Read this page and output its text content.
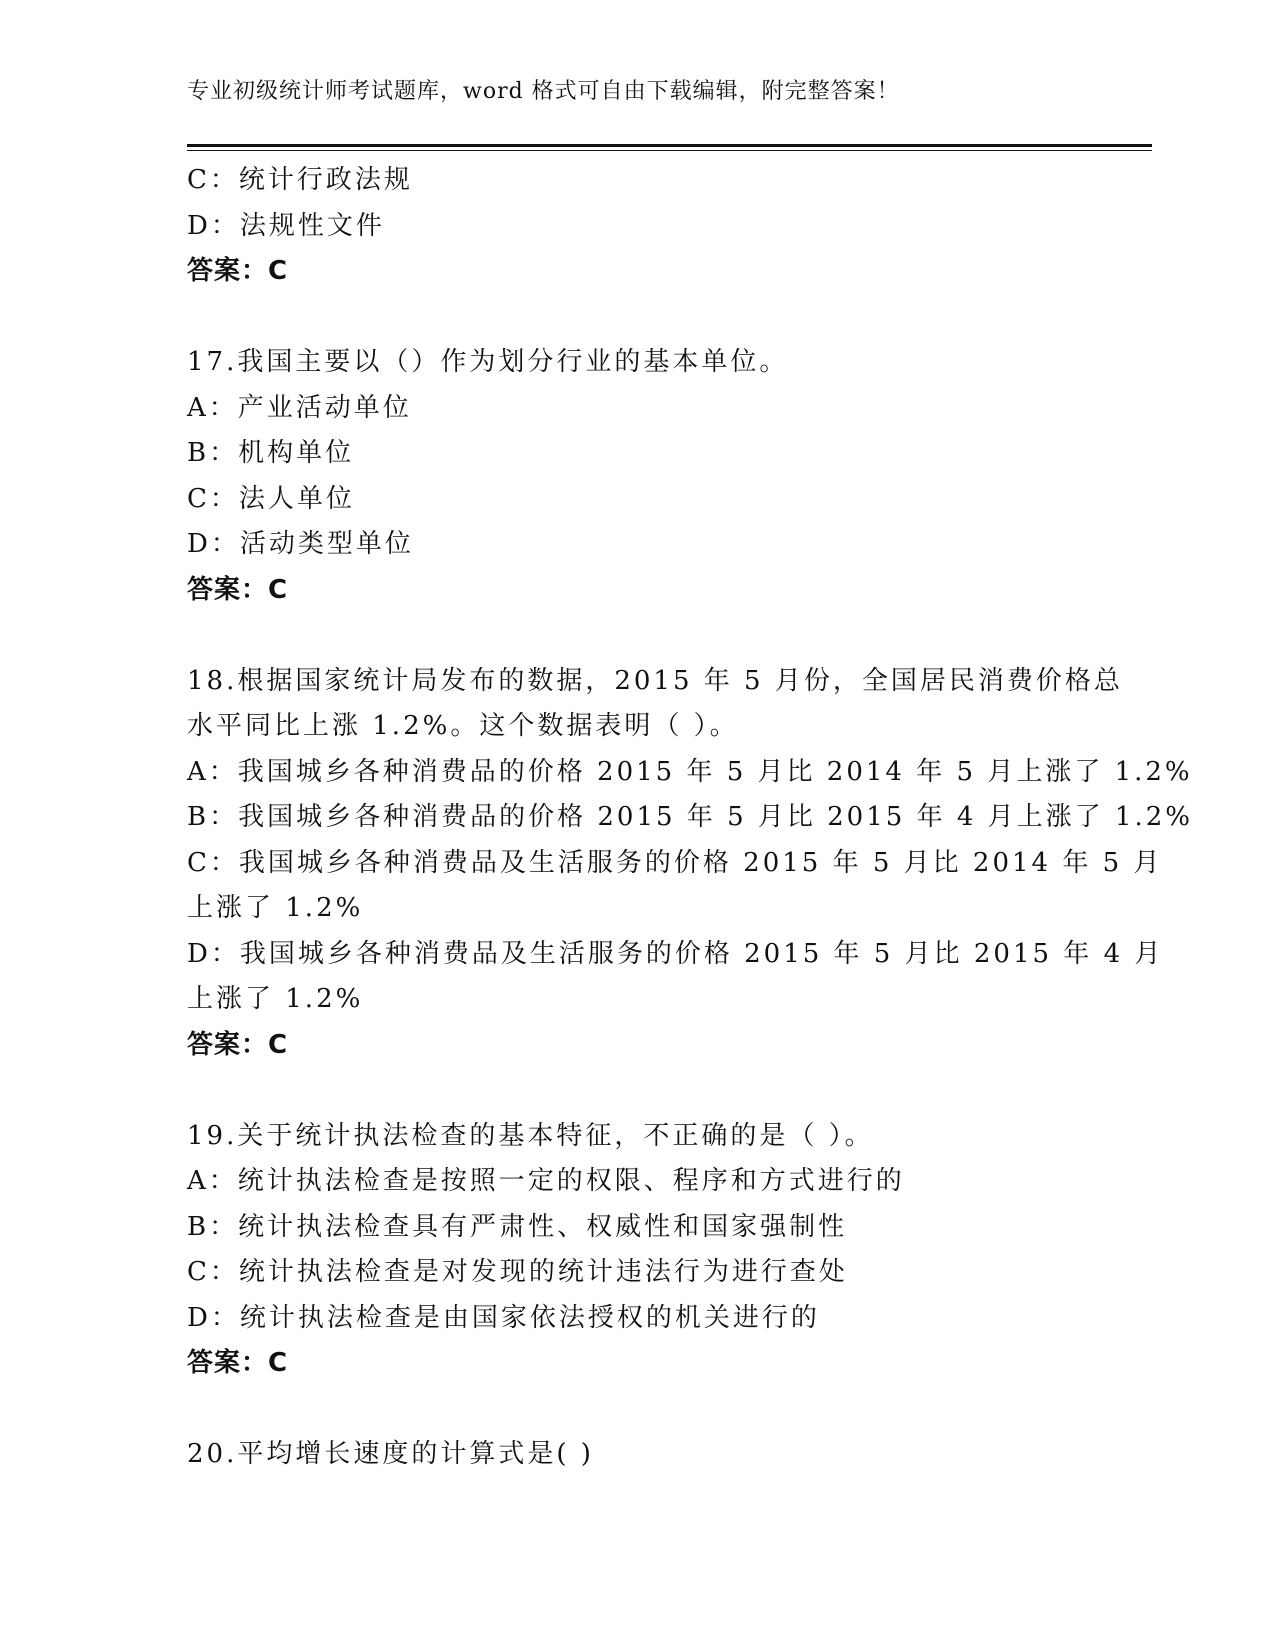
专业初级统计师考试题库，word 格式可自由下载编辑，附完整答案！
C：统计行政法规
D：法规性文件
答案：C
17.我国主要以（）作为划分行业的基本单位。
A：产业活动单位
B：机构单位
C：法人单位
D：活动类型单位
答案：C
18.根据国家统计局发布的数据，2015 年 5 月份，全国居民消费价格总
水平同比上涨 1.2%。这个数据表明（ ）。
A：我国城乡各种消费品的价格 2015 年 5 月比 2014 年 5 月上涨了 1.2%
B：我国城乡各种消费品的价格 2015 年 5 月比 2015 年 4 月上涨了 1.2%
C：我国城乡各种消费品及生活服务的价格 2015 年 5 月比 2014 年 5 月
上涨了 1.2%
D：我国城乡各种消费品及生活服务的价格 2015 年 5 月比 2015 年 4 月
上涨了 1.2%
答案：C
19.关于统计执法检查的基本特征，不正确的是（ ）。
A：统计执法检查是按照一定的权限、程序和方式进行的
B：统计执法检查具有严肃性、权威性和国家强制性
C：统计执法检查是对发现的统计违法行为进行查处
D：统计执法检查是由国家依法授权的机关进行的
答案：C
20.平均增长速度的计算式是( )
